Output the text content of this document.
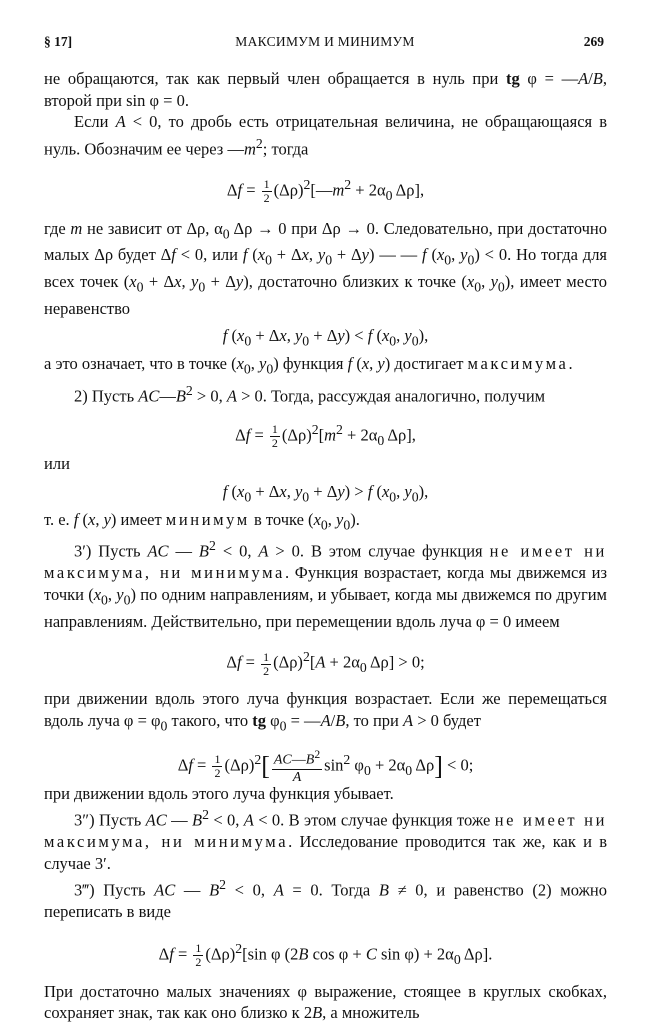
§ 17]	МАКСИМУМ И МИНИМУМ	269

не обращаются, так как первый член обращается в нуль при tg φ = —A/B, второй при sin φ = 0.

Если A < 0, то дробь есть отрицательная величина, не обращающаяся в нуль. Обозначим ее через $—m^2$; тогда

$\Delta f = \frac{1}{2}$ $(\Delta\rho)^2[—m^2 + 2\alpha_0$ Δρ],

где m не зависит от Δρ, $\alpha_0$ Δρ → 0 при Δρ → 0. Следовательно, при достаточно малых Δρ будет Δf < 0, или f ($x_0 + \Delta x$, $y_0 + \Delta y$) — — f ($x_0$, $y_0) < 0$. Но тогда для всех точек ($x_0 + \Delta x$, $y_0 + \Delta y$), достаточно близких к точке ($x_0$, $y_0$), имеет место неравенство

f ($x_0 + \Delta x$, $y_0 + \Delta y) < f$ ($x_0$, $y_0$),

а это означает, что в точке ($x_0$, $y_0$) функция f (x, y) достигает максимума.

2) Пусть $AC—B^2 > 0$, A > 0. Тогда, рассуждая аналогично, получим

$\Delta f = \frac{1}{2} (\Delta\rho)^2[m^2 + 2\alpha_0$ Δρ],

или

f ($x_0 + \Delta x$, $y_0 + \Delta y) > f$ ($x_0$, $y_0$),

т. е. f (x, y) имеет минимум в точке ($x_0$, $y_0$).

3′) Пусть AC — $B^2 < 0$, A > 0. В этом случае функция не имеет ни максимума, ни минимума. Функция возрастает, когда мы движемся из точки ($x_0$, $y_0$) по одним направлениям, и убывает, когда мы движемся по другим направлениям. Действительно, при перемещении вдоль луча φ = 0 имеем

$\Delta f = \frac{1}{2} (\Delta\rho)^2[A + 2\alpha_0$ Δρ] > 0;

при движении вдоль этого луча функция возрастает. Если же перемещаться вдоль луча $\varphi = \varphi_0$ такого, что tg $\varphi_0$ = —A/B, то при A > 0 будет

$\Delta f = \frac{1}{2} (\Delta\rho)^2[ \frac{AC—B^2}{A} \sin^2 \varphi_0 + 2\alpha_0$ Δρ] < 0;

при движении вдоль этого луча функция убывает.

3″) Пусть AC — $B^2 < 0$, A < 0. В этом случае функция тоже не имеет ни максимума, ни минимума. Исследование проводится так же, как и в случае 3′.

3‴) Пусть AC — $B^2 < 0$, A = 0. Тогда B ≠ 0, и равенство (2) можно переписать в виде

$\Delta f = \frac{1}{2} (\Delta\rho)^2[\sin$ φ (2B cos φ + C $\sin \varphi) + 2\alpha_0$ Δρ].

При достаточно малых значениях φ выражение, стоящее в круглых скобках, сохраняет знак, так как оно близко к 2B, а множитель
